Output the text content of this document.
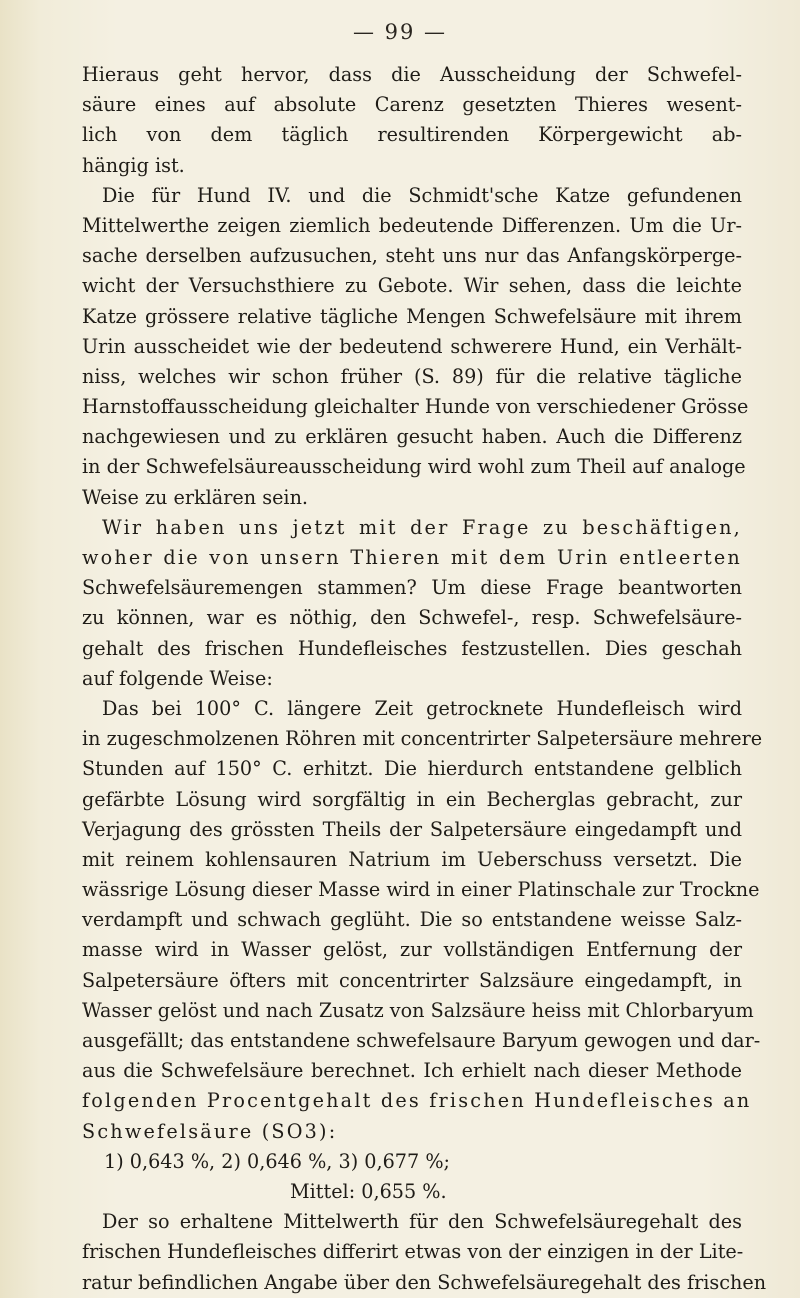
— 99 —
Hieraus geht hervor, dass die Ausscheidung der Schwefel-
säure eines auf absolute Carenz gesetzten Thieres wesent-
lich von dem täglich resultirenden Körpergewicht ab-
hängig ist.
Die für Hund IV. und die Schmidt'sche Katze gefundenen
Mittelwerthe zeigen ziemlich bedeutende Differenzen. Um die Ur-
sache derselben aufzusuchen, steht uns nur das Anfangskörperge-
wicht der Versuchsthiere zu Gebote. Wir sehen, dass die leichte
Katze grössere relative tägliche Mengen Schwefelsäure mit ihrem
Urin ausscheidet wie der bedeutend schwerere Hund, ein Verhält-
niss, welches wir schon früher (S. 89) für die relative tägliche
Harnstoffausscheidung gleichalter Hunde von verschiedener Grösse
nachgewiesen und zu erklären gesucht haben. Auch die Differenz
in der Schwefelsäureausscheidung wird wohl zum Theil auf analoge
Weise zu erklären sein.
Wir haben uns jetzt mit der Frage zu beschäftigen,
woher die von unsern Thieren mit dem Urin entleerten
Schwefelsäuremengen stammen? Um diese Frage beantworten
zu können, war es nöthig, den Schwefel-, resp. Schwefelsäure-
gehalt des frischen Hundefleisches festzustellen. Dies geschah
auf folgende Weise:
Das bei 100° C. längere Zeit getrocknete Hundefleisch wird
in zugeschmolzenen Röhren mit concentrirter Salpetersäure mehrere
Stunden auf 150° C. erhitzt. Die hierdurch entstandene gelblich
gefärbte Lösung wird sorgfältig in ein Becherglas gebracht, zur
Verjagung des grössten Theils der Salpetersäure eingedampft und
mit reinem kohlensauren Natrium im Ueberschuss versetzt. Die
wässrige Lösung dieser Masse wird in einer Platinschale zur Trockne
verdampft und schwach geglüht. Die so entstandene weisse Salz-
masse wird in Wasser gelöst, zur vollständigen Entfernung der
Salpetersäure öfters mit concentrirter Salzsäure eingedampft, in
Wasser gelöst und nach Zusatz von Salzsäure heiss mit Chlorbaryum
ausgefällt; das entstandene schwefelsaure Baryum gewogen und dar-
aus die Schwefelsäure berechnet. Ich erhielt nach dieser Methode
folgenden Procentgehalt des frischen Hundefleisches an
Schwefelsäure (SO3):
1) 0,643 %, 2) 0,646 %, 3) 0,677 %;
Mittel: 0,655 %.
Der so erhaltene Mittelwerth für den Schwefelsäuregehalt des
frischen Hundefleisches differirt etwas von der einzigen in der Lite-
ratur befindlichen Angabe über den Schwefelsäuregehalt des frischen
